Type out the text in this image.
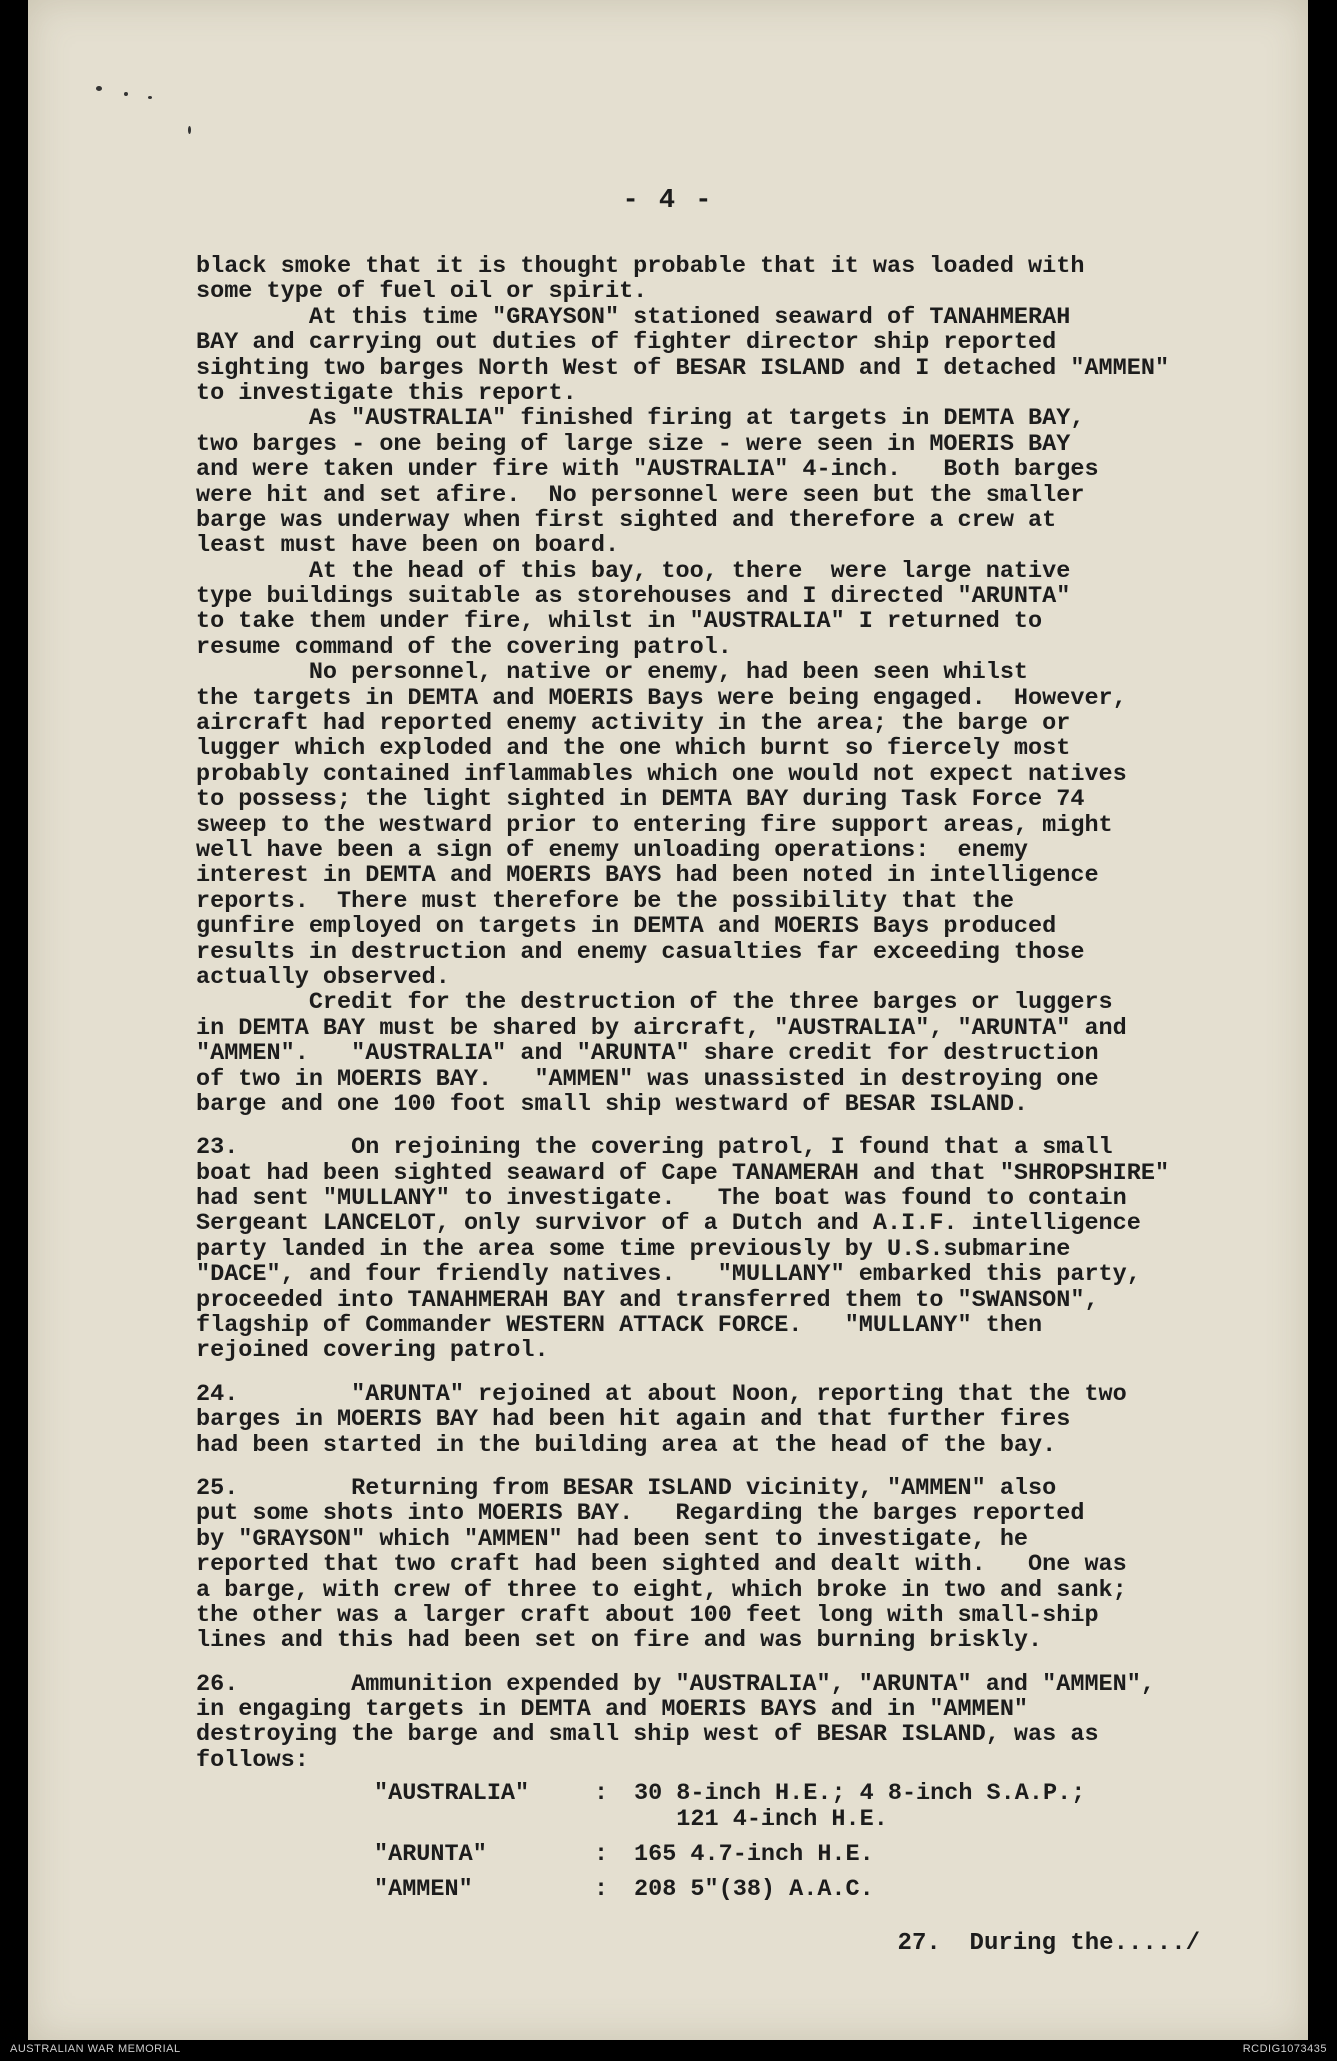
- 4 -
black smoke that it is thought probable that it was loaded with
some type of fuel oil or spirit.
At this time "GRAYSON" stationed seaward of TANAHMERAH
BAY and carrying out duties of fighter director ship reported
sighting two barges North West of BESAR ISLAND and I detached "AMMEN"
to investigate this report.
As "AUSTRALIA" finished firing at targets in DEMTA BAY,
two barges - one being of large size - were seen in MOERIS BAY
and were taken under fire with "AUSTRALIA" 4-inch.   Both barges
were hit and set afire.  No personnel were seen but the smaller
barge was underway when first sighted and therefore a crew at
least must have been on board.
At the head of this bay, too, there  were large native
type buildings suitable as storehouses and I directed "ARUNTA"
to take them under fire, whilst in "AUSTRALIA" I returned to
resume command of the covering patrol.
No personnel, native or enemy, had been seen whilst
the targets in DEMTA and MOERIS Bays were being engaged.  However,
aircraft had reported enemy activity in the area; the barge or
lugger which exploded and the one which burnt so fiercely most
probably contained inflammables which one would not expect natives
to possess; the light sighted in DEMTA BAY during Task Force 74
sweep to the westward prior to entering fire support areas, might
well have been a sign of enemy unloading operations:  enemy
interest in DEMTA and MOERIS BAYS had been noted in intelligence
reports.  There must therefore be the possibility that the
gunfire employed on targets in DEMTA and MOERIS Bays produced
results in destruction and enemy casualties far exceeding those
actually observed.
Credit for the destruction of the three barges or luggers
in DEMTA BAY must be shared by aircraft, "AUSTRALIA", "ARUNTA" and
"AMMEN".   "AUSTRALIA" and "ARUNTA" share credit for destruction
of two in MOERIS BAY.   "AMMEN" was unassisted in destroying one
barge and one 100 foot small ship westward of BESAR ISLAND.
23.        On rejoining the covering patrol, I found that a small
boat had been sighted seaward of Cape TANAMERAH and that "SHROPSHIRE"
had sent "MULLANY" to investigate.   The boat was found to contain
Sergeant LANCELOT, only survivor of a Dutch and A.I.F. intelligence
party landed in the area some time previously by U.S.submarine
"DACE", and four friendly natives.   "MULLANY" embarked this party,
proceeded into TANAHMERAH BAY and transferred them to "SWANSON",
flagship of Commander WESTERN ATTACK FORCE.   "MULLANY" then
rejoined covering patrol.
24.        "ARUNTA" rejoined at about Noon, reporting that the two
barges in MOERIS BAY had been hit again and that further fires
had been started in the building area at the head of the bay.
25.        Returning from BESAR ISLAND vicinity, "AMMEN" also
put some shots into MOERIS BAY.   Regarding the barges reported
by "GRAYSON" which "AMMEN" had been sent to investigate, he
reported that two craft had been sighted and dealt with.   One was
a barge, with crew of three to eight, which broke in two and sank;
the other was a larger craft about 100 feet long with small-ship
lines and this had been set on fire and was burning briskly.
26.        Ammunition expended by "AUSTRALIA", "ARUNTA" and "AMMEN",
in engaging targets in DEMTA and MOERIS BAYS and in "AMMEN"
destroying the barge and small ship west of BESAR ISLAND, was as
follows:
"AUSTRALIA"	:	30 8-inch H.E.; 4 8-inch S.A.P.;
121 4-inch H.E.
"ARUNTA"	:	165 4.7-inch H.E.
"AMMEN"	:	208 5"(38) A.A.C.
27.  During the...../
AUSTRALIAN WAR MEMORIAL	RCDIG1073435
